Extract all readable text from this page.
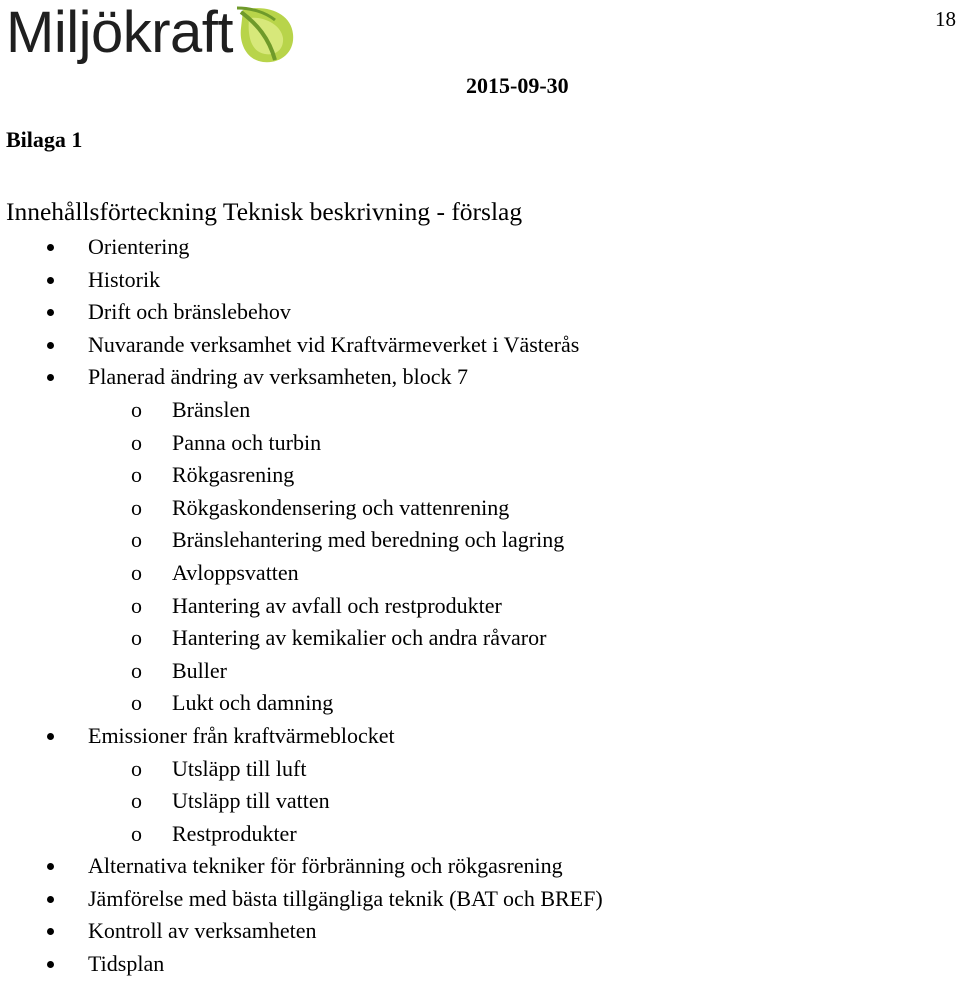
Miljökraft	18
2015-09-30
Bilaga 1
Innehållsförteckning Teknisk beskrivning - förslag
Orientering
Historik
Drift och bränslebehov
Nuvarande verksamhet vid Kraftvärmeverket i Västerås
Planerad ändring av verksamheten, block 7
o Bränslen
o Panna och turbin
o Rökgasrening
o Rökgaskondensering och vattenrening
o Bränslehantering med beredning och lagring
o Avloppsvatten
o Hantering av avfall och restprodukter
o Hantering av kemikalier och andra råvaror
o Buller
o Lukt och damning
Emissioner från kraftvärmeblocket
o Utsläpp till luft
o Utsläpp till vatten
o Restprodukter
Alternativa tekniker för förbränning och rökgasrening
Jämförelse med bästa tillgängliga teknik (BAT och BREF)
Kontroll av verksamheten
Tidsplan
